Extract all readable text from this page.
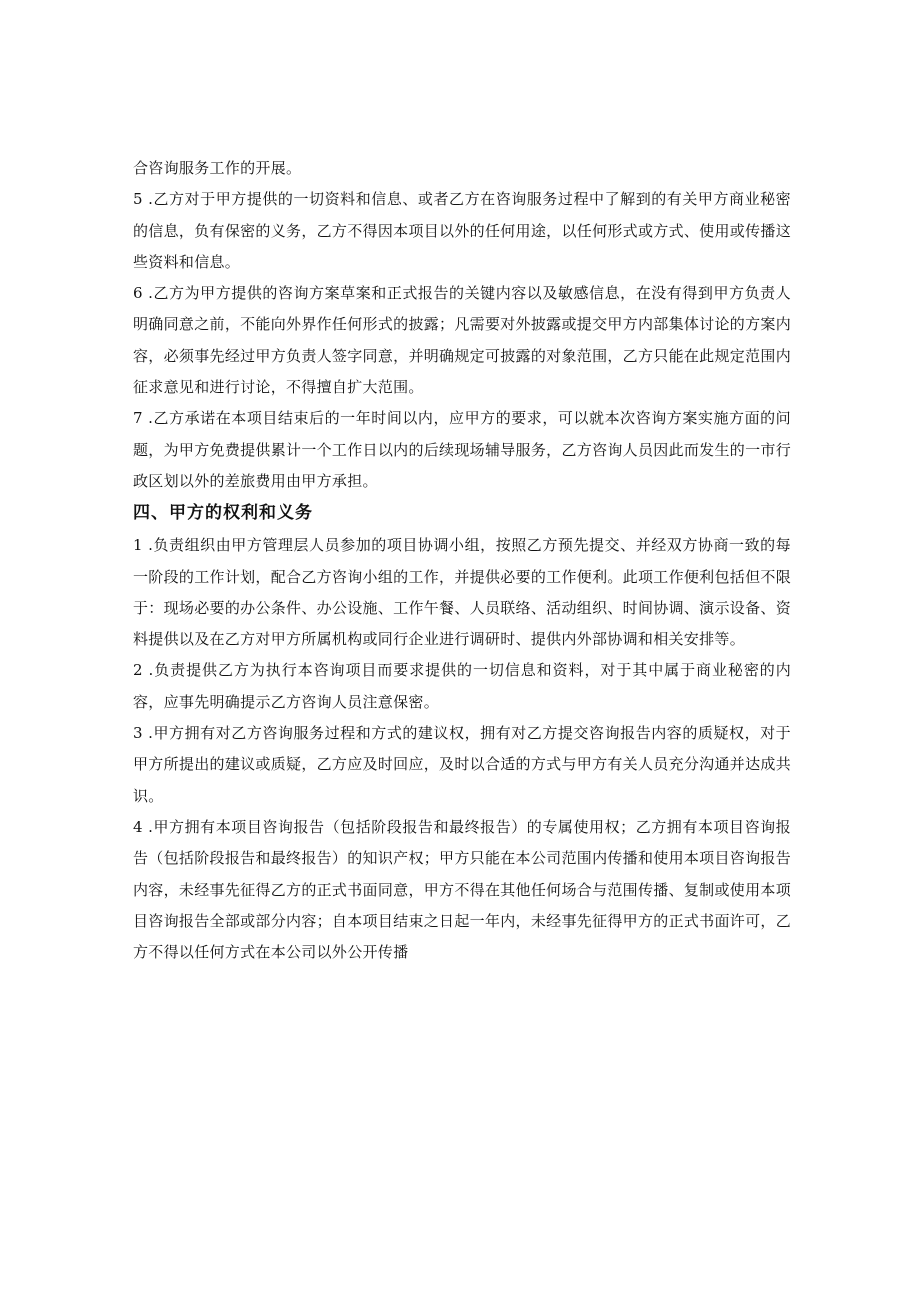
合咨询服务工作的开展。

5 .乙方对于甲方提供的一切资料和信息、或者乙方在咨询服务过程中了解到的有关甲方商业秘密的信息，负有保密的义务，乙方不得因本项目以外的任何用途，以任何形式或方式、使用或传播这些资料和信息。

6 .乙方为甲方提供的咨询方案草案和正式报告的关键内容以及敏感信息，在没有得到甲方负责人明确同意之前，不能向外界作任何形式的披露；凡需要对外披露或提交甲方内部集体讨论的方案内容，必须事先经过甲方负责人签字同意，并明确规定可披露的对象范围，乙方只能在此规定范围内征求意见和进行讨论，不得擅自扩大范围。

7 .乙方承诺在本项目结束后的一年时间以内，应甲方的要求，可以就本次咨询方案实施方面的问题，为甲方免费提供累计一个工作日以内的后续现场辅导服务，乙方咨询人员因此而发生的一市行政区划以外的差旅费用由甲方承担。

四、甲方的权利和义务

1 .负责组织由甲方管理层人员参加的项目协调小组，按照乙方预先提交、并经双方协商一致的每一阶段的工作计划，配合乙方咨询小组的工作，并提供必要的工作便利。此项工作便利包括但不限于：现场必要的办公条件、办公设施、工作午餐、人员联络、活动组织、时间协调、演示设备、资料提供以及在乙方对甲方所属机构或同行企业进行调研时、提供内外部协调和相关安排等。

2 .负责提供乙方为执行本咨询项目而要求提供的一切信息和资料，对于其中属于商业秘密的内容，应事先明确提示乙方咨询人员注意保密。

3 .甲方拥有对乙方咨询服务过程和方式的建议权，拥有对乙方提交咨询报告内容的质疑权，对于甲方所提出的建议或质疑，乙方应及时回应，及时以合适的方式与甲方有关人员充分沟通并达成共识。

4 .甲方拥有本项目咨询报告（包括阶段报告和最终报告）的专属使用权；乙方拥有本项目咨询报告（包括阶段报告和最终报告）的知识产权；甲方只能在本公司范围内传播和使用本项目咨询报告内容，未经事先征得乙方的正式书面同意，甲方不得在其他任何场合与范围传播、复制或使用本项目咨询报告全部或部分内容；自本项目结束之日起一年内，未经事先征得甲方的正式书面许可，乙方不得以任何方式在本公司以外公开传播
